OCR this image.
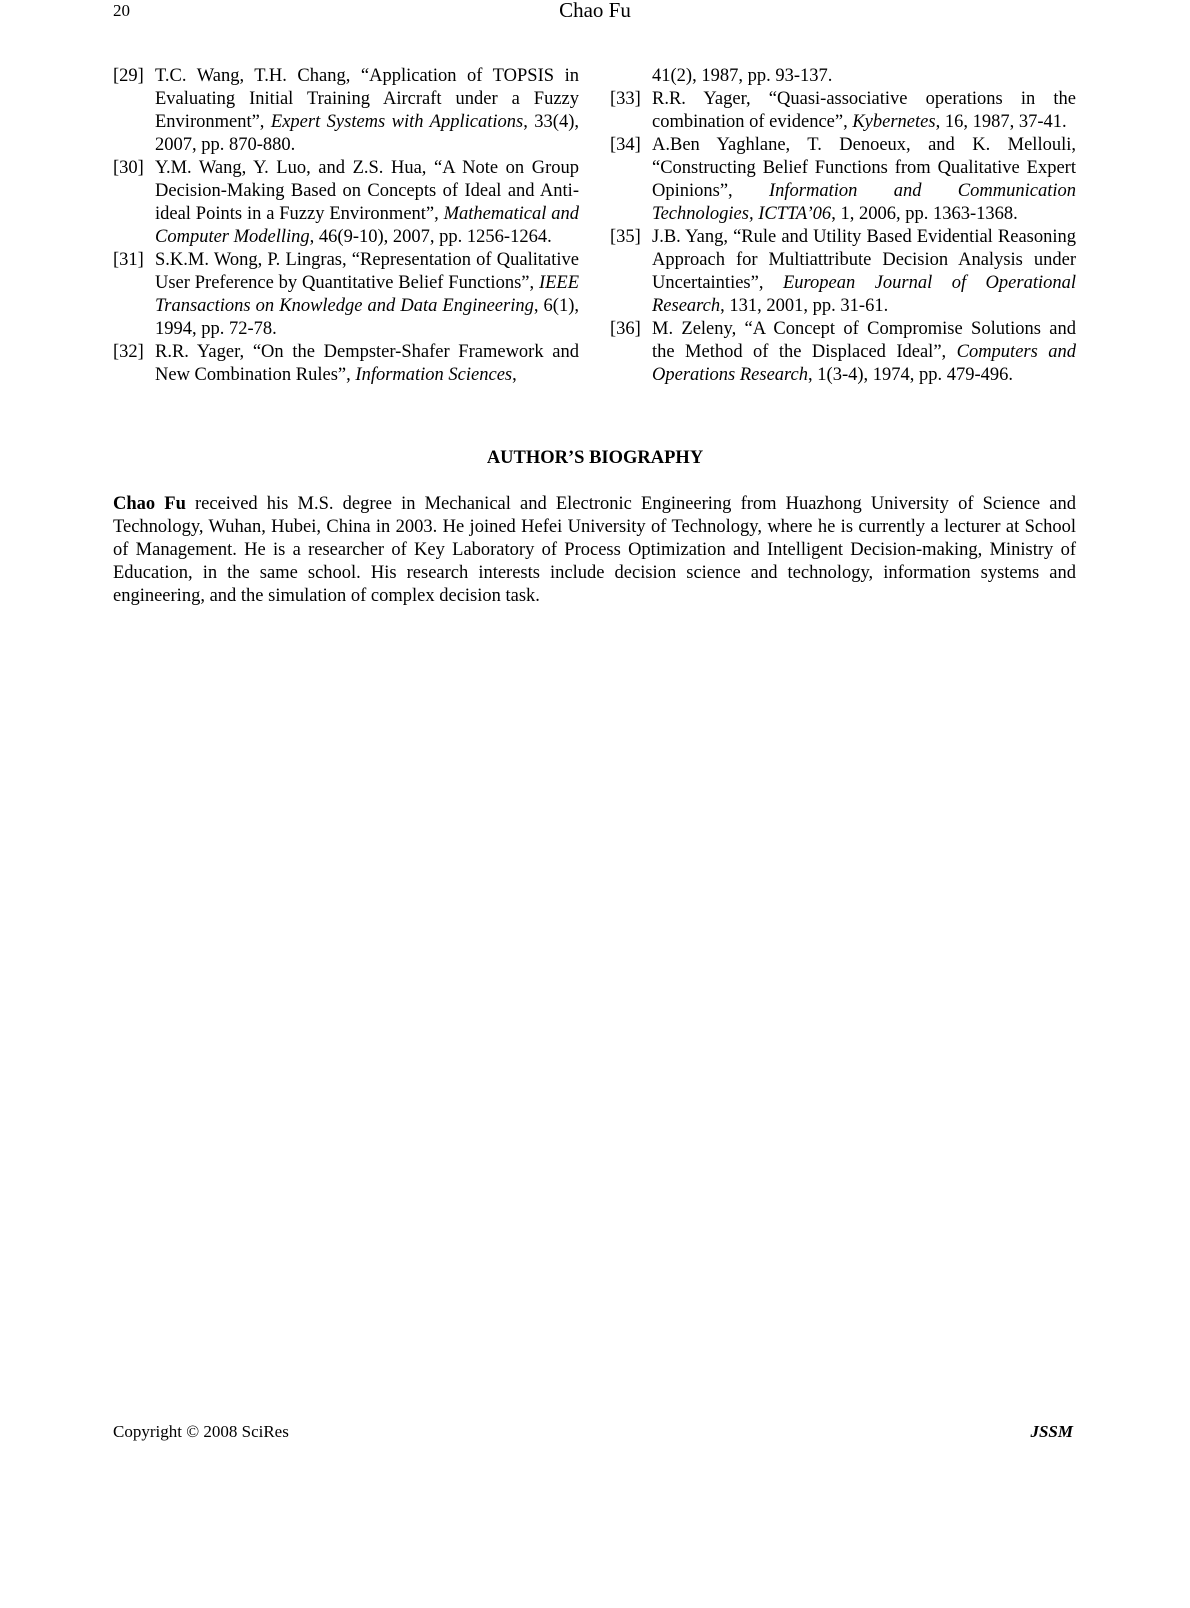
20	Chao Fu
[29] T.C. Wang, T.H. Chang, “Application of TOPSIS in Evaluating Initial Training Aircraft under a Fuzzy Environment”, Expert Systems with Applications, 33(4), 2007, pp. 870-880.
[30] Y.M. Wang, Y. Luo, and Z.S. Hua, “A Note on Group Decision-Making Based on Concepts of Ideal and Anti-ideal Points in a Fuzzy Environment”, Mathematical and Computer Modelling, 46(9-10), 2007, pp. 1256-1264.
[31] S.K.M. Wong, P. Lingras, “Representation of Qualitative User Preference by Quantitative Belief Functions”, IEEE Transactions on Knowledge and Data Engineering, 6(1), 1994, pp. 72-78.
[32] R.R. Yager, “On the Dempster-Shafer Framework and New Combination Rules”, Information Sciences,
41(2), 1987, pp. 93-137.
[33] R.R. Yager, “Quasi-associative operations in the combination of evidence”, Kybernetes, 16, 1987, 37-41.
[34] A.Ben Yaghlane, T. Denoeux, and K. Mellouli, “Constructing Belief Functions from Qualitative Expert Opinions”, Information and Communication Technologies, ICTTA’06, 1, 2006, pp. 1363-1368.
[35] J.B. Yang, “Rule and Utility Based Evidential Reasoning Approach for Multiattribute Decision Analysis under Uncertainties”, European Journal of Operational Research, 131, 2001, pp. 31-61.
[36] M. Zeleny, “A Concept of Compromise Solutions and the Method of the Displaced Ideal”, Computers and Operations Research, 1(3-4), 1974, pp. 479-496.
AUTHOR’S BIOGRAPHY
Chao Fu received his M.S. degree in Mechanical and Electronic Engineering from Huazhong University of Science and Technology, Wuhan, Hubei, China in 2003. He joined Hefei University of Technology, where he is currently a lecturer at School of Management. He is a researcher of Key Laboratory of Process Optimization and Intelligent Decision-making, Ministry of Education, in the same school. His research interests include decision science and technology, information systems and engineering, and the simulation of complex decision task.
Copyright © 2008 SciRes	JSSM
